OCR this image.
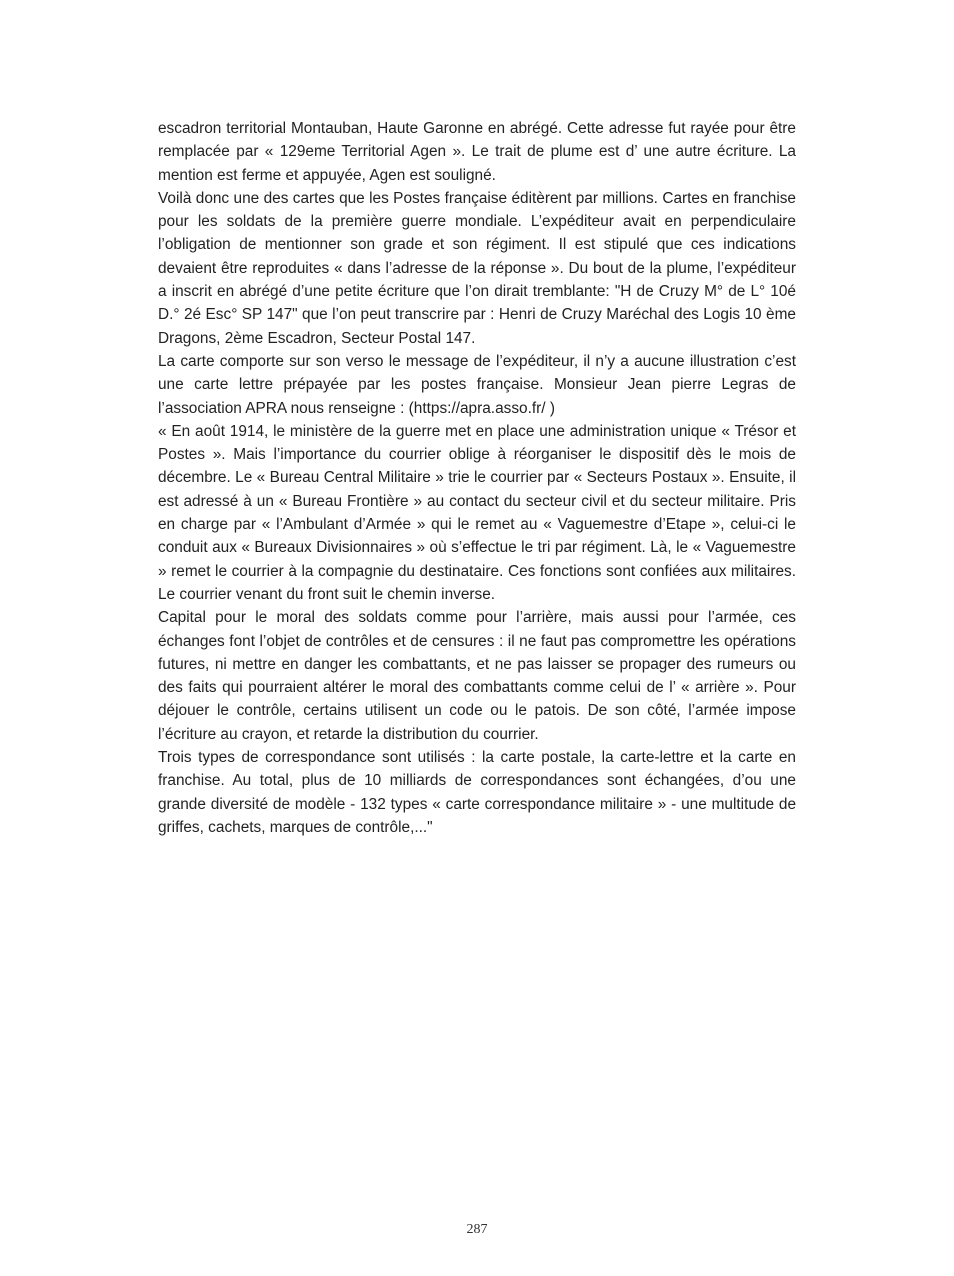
escadron territorial Montauban, Haute Garonne en abrégé. Cette adresse fut rayée pour être remplacée par « 129eme Territorial Agen ». Le trait de plume est d’ une autre écriture. La mention est ferme et appuyée, Agen est souligné.

Voilà donc une des cartes que les Postes française éditèrent par millions. Cartes en franchise pour les soldats de la première guerre mondiale. L’expéditeur avait en perpendiculaire l’obligation de mentionner son grade et son régiment. Il est stipulé que ces indications devaient être reproduites « dans l’adresse de la réponse ». Du bout de la plume, l’expéditeur a inscrit en abrégé d’une petite écriture que l’on dirait tremblante: "H de Cruzy M° de L° 10é D.° 2é Esc° SP 147" que l’on peut transcrire par : Henri de Cruzy Maréchal des Logis 10 ème Dragons, 2ème Escadron, Secteur Postal 147.

La carte comporte sur son verso le message de l’expéditeur, il n’y a aucune illustration c’est une carte lettre prépayée par les postes française. Monsieur Jean pierre Legras de l’association APRA nous renseigne : (https://apra.asso.fr/ )

« En août 1914, le ministère de la guerre met en place une administration unique « Trésor et Postes ». Mais l’importance du courrier oblige à réorganiser le dispositif dès le mois de décembre. Le « Bureau Central Militaire » trie le courrier par « Secteurs Postaux ». Ensuite, il est adressé à un « Bureau Frontière » au contact du secteur civil et du secteur militaire. Pris en charge par « l’Ambulant d’Armée » qui le remet au « Vaguemestre d’Etape », celui-ci le conduit aux « Bureaux Divisionnaires » où s’effectue le tri par régiment. Là, le « Vaguemestre » remet le courrier à la compagnie du destinataire. Ces fonctions sont confiées aux militaires. Le courrier venant du front suit le chemin inverse.

Capital pour le moral des soldats comme pour l’arrière, mais aussi pour l’armée, ces échanges font l’objet de contrôles et de censures : il ne faut pas compromettre les opérations futures, ni mettre en danger les combattants, et ne pas laisser se propager des rumeurs ou des faits qui pourraient altérer le moral des combattants comme celui de l’ « arrière ». Pour déjouer le contrôle, certains utilisent un code ou le patois. De son côté, l’armée impose l’écriture au crayon, et retarde la distribution du courrier.

Trois types de correspondance sont utilisés : la carte postale, la carte-lettre et la carte en franchise. Au total, plus de 10 milliards de correspondances sont échangées, d’ou une grande diversité de modèle - 132 types « carte correspondance militaire » - une multitude de griffes, cachets, marques de contrôle,..."

287
